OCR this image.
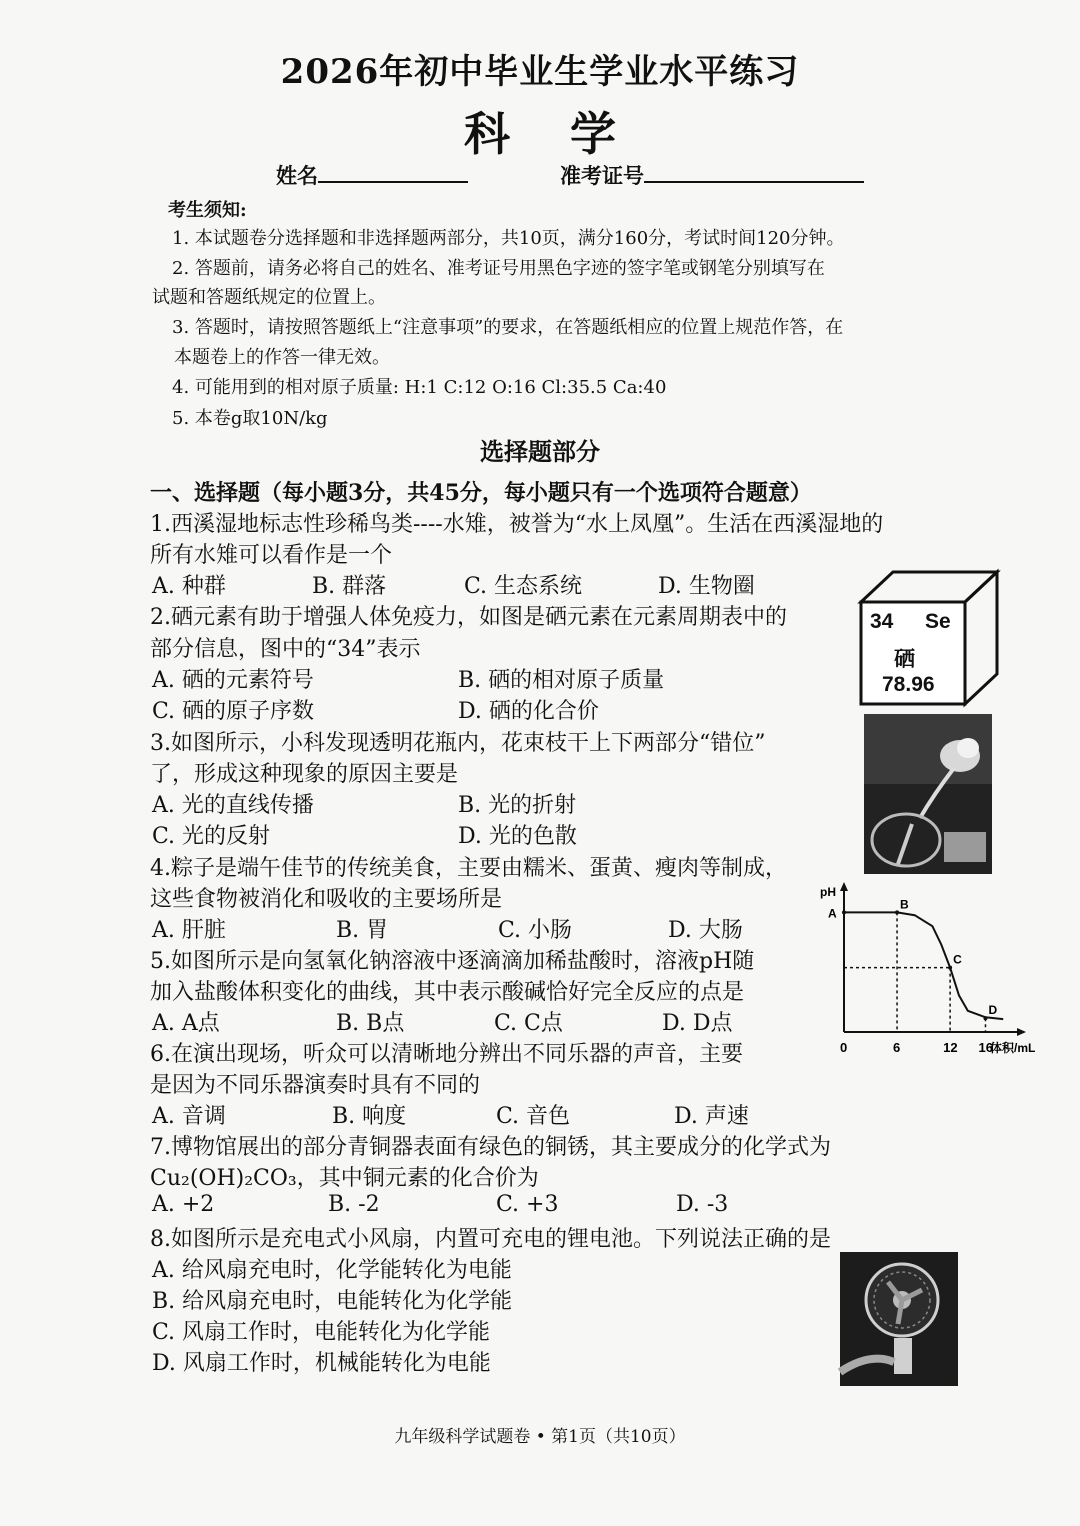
2026年初中毕业生学业水平练习
科学
姓名	准考证号
考生须知:
1. 本试题卷分选择题和非选择题两部分，共10页，满分160分，考试时间120分钟。
2. 答题前，请务必将自己的姓名、准考证号用黑色字迹的签字笔或钢笔分别填写在
试题和答题纸规定的位置上。
3. 答题时，请按照答题纸上“注意事项”的要求，在答题纸相应的位置上规范作答，在
本题卷上的作答一律无效。
4. 可能用到的相对原子质量: H:1 C:12 O:16 Cl:35.5 Ca:40
5. 本卷g取10N/kg
选择题部分
一、选择题（每小题3分，共45分，每小题只有一个选项符合题意）
1.西溪湿地标志性珍稀鸟类----水雉，被誉为“水上凤凰”。生活在西溪湿地的
所有水雉可以看作是一个
A. 种群	B. 群落	C. 生态系统	D. 生物圈
2.硒元素有助于增强人体免疫力，如图是硒元素在元素周期表中的
部分信息，图中的“34”表示
A. 硒的元素符号	B. 硒的相对原子质量
C. 硒的原子序数	D. 硒的化合价
34 Se
硒
78.96
3.如图所示，小科发现透明花瓶内，花束枝干上下两部分“错位”
了，形成这种现象的原因主要是
A. 光的直线传播	B. 光的折射
C. 光的反射	D. 光的色散
4.粽子是端午佳节的传统美食，主要由糯米、蛋黄、瘦肉等制成，
这些食物被消化和吸收的主要场所是
A. 肝脏	B. 胃	C. 小肠	D. 大肠
pH
体积/mL
0	6	12 16
A
B
C
D
5.如图所示是向氢氧化钠溶液中逐滴滴加稀盐酸时，溶液pH随
加入盐酸体积变化的曲线，其中表示酸碱恰好完全反应的点是
A. A点	B. B点	C. C点	D. D点
6.在演出现场，听众可以清晰地分辨出不同乐器的声音，主要
是因为不同乐器演奏时具有不同的
A. 音调	B. 响度	C. 音色	D. 声速
7.博物馆展出的部分青铜器表面有绿色的铜锈，其主要成分的化学式为
Cu₂(OH)₂CO₃，其中铜元素的化合价为
A. +2	B. -2	C. +3	D. -3
8.如图所示是充电式小风扇，内置可充电的锂电池。下列说法正确的是
A. 给风扇充电时，化学能转化为电能
B. 给风扇充电时，电能转化为化学能
C. 风扇工作时，电能转化为化学能
D. 风扇工作时，机械能转化为电能
九年级科学试题卷 • 第1页（共10页）
